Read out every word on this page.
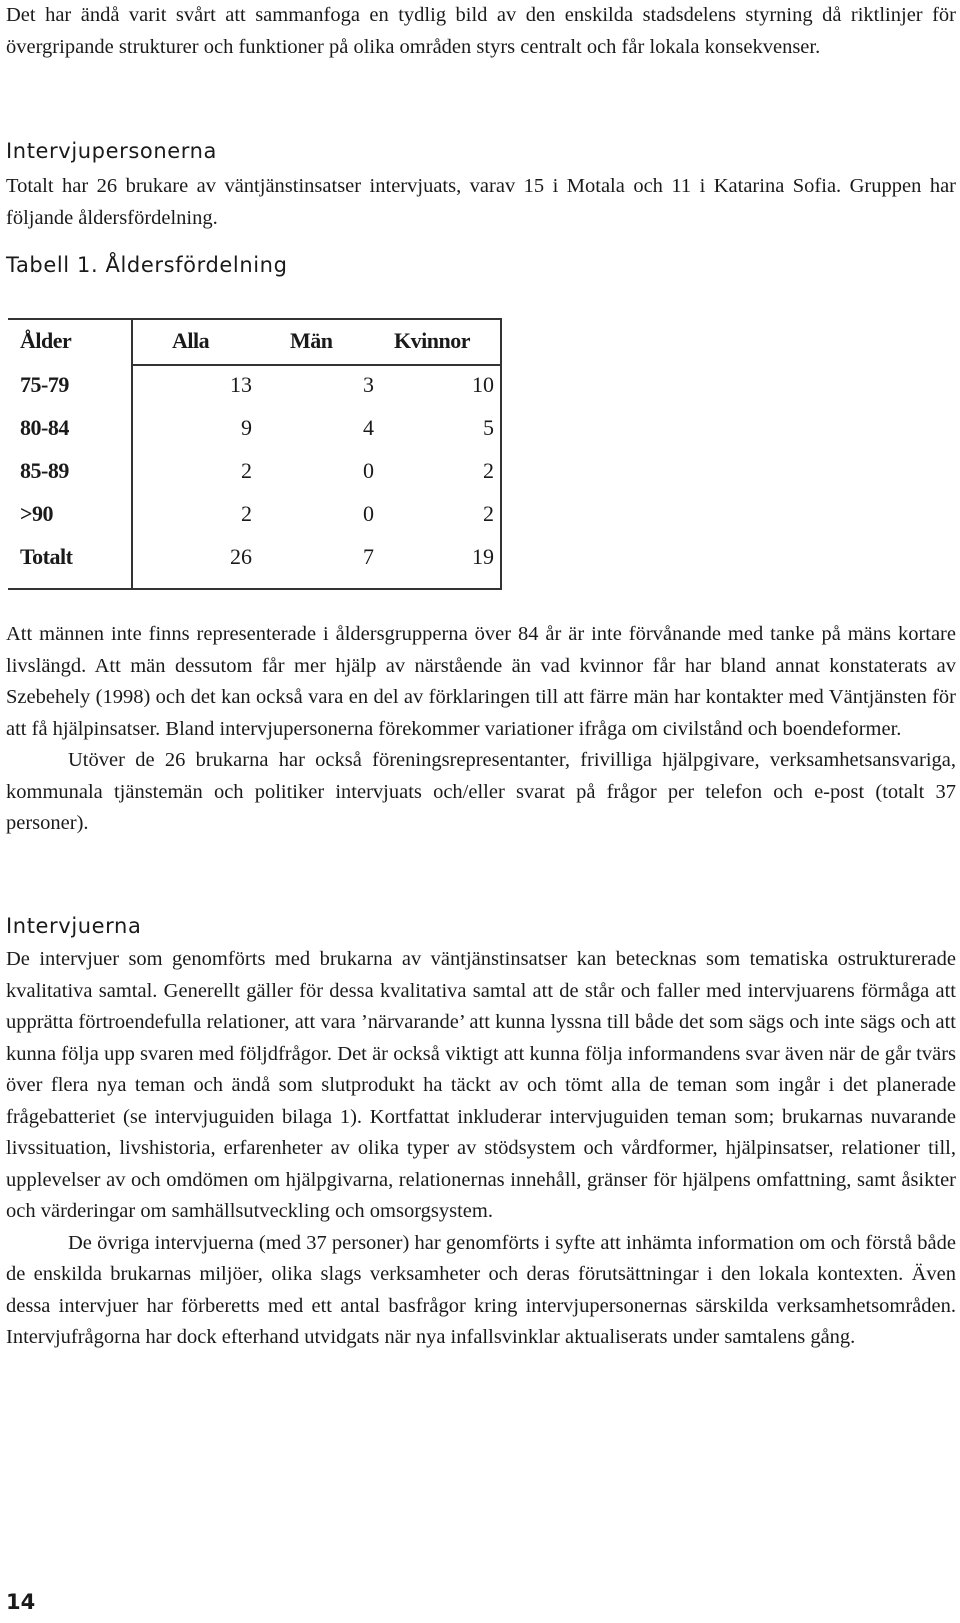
Det har ändå varit svårt att sammanfoga en tydlig bild av den enskilda stadsdelens styrning då riktlinjer för övergripande strukturer och funktioner på olika områden styrs centralt och får lokala konsekvenser.

Intervjupersonerna

Totalt har 26 brukare av väntjänstinsatser intervjuats, varav 15 i Motala och 11 i Katarina Sofia. Gruppen har följande åldersfördelning.

Tabell 1. Åldersfördelning
Ålder	Alla	Män	Kvinnor
75-79	13	3	10
80-84	9	4	5
85-89	2	0	2
>90	2	0	2
Totalt	26	7	19

Att männen inte finns representerade i åldersgrupperna över 84 år är inte förvånande med tanke på mäns kortare livslängd. Att män dessutom får mer hjälp av närstående än vad kvinnor får har bland annat konstaterats av Szebehely (1998) och det kan också vara en del av förklaringen till att färre män har kontakter med Väntjänsten för att få hjälpinsatser. Bland intervjupersonerna förekommer variationer ifråga om civilstånd och boendeformer.

Utöver de 26 brukarna har också föreningsrepresentanter, frivilliga hjälpgivare, verksamhetsansvariga, kommunala tjänstemän och politiker intervjuats och/eller svarat på frågor per telefon och e-post (totalt 37 personer).

Intervjuerna

De intervjuer som genomförts med brukarna av väntjänstinsatser kan betecknas som tematiska ostrukturerade kvalitativa samtal. Generellt gäller för dessa kvalitativa samtal att de står och faller med intervjuarens förmåga att upprätta förtroendefulla relationer, att vara ’närvarande’ att kunna lyssna till både det som sägs och inte sägs och att kunna följa upp svaren med följdfrågor. Det är också viktigt att kunna följa informandens svar även när de går tvärs över flera nya teman och ändå som slutprodukt ha täckt av och tömt alla de teman som ingår i det planerade frågebatteriet (se intervjuguiden bilaga 1). Kortfattat inkluderar intervjuguiden teman som; brukarnas nuvarande livssituation, livshistoria, erfarenheter av olika typer av stödsystem och vårdformer, hjälpinsatser, relationer till, upplevelser av och omdömen om hjälpgivarna, relationernas innehåll, gränser för hjälpens omfattning, samt åsikter och värderingar om samhällsutveckling och omsorgsystem.

De övriga intervjuerna (med 37 personer) har genomförts i syfte att inhämta information om och förstå både de enskilda brukarnas miljöer, olika slags verksamheter och deras förutsättningar i den lokala kontexten. Även dessa intervjuer har förberetts med ett antal basfrågor kring intervjupersonernas särskilda verksamhetsområden. Intervjufrågorna har dock efterhand utvidgats när nya infallsvinklar aktualiserats under samtalens gång.

14
